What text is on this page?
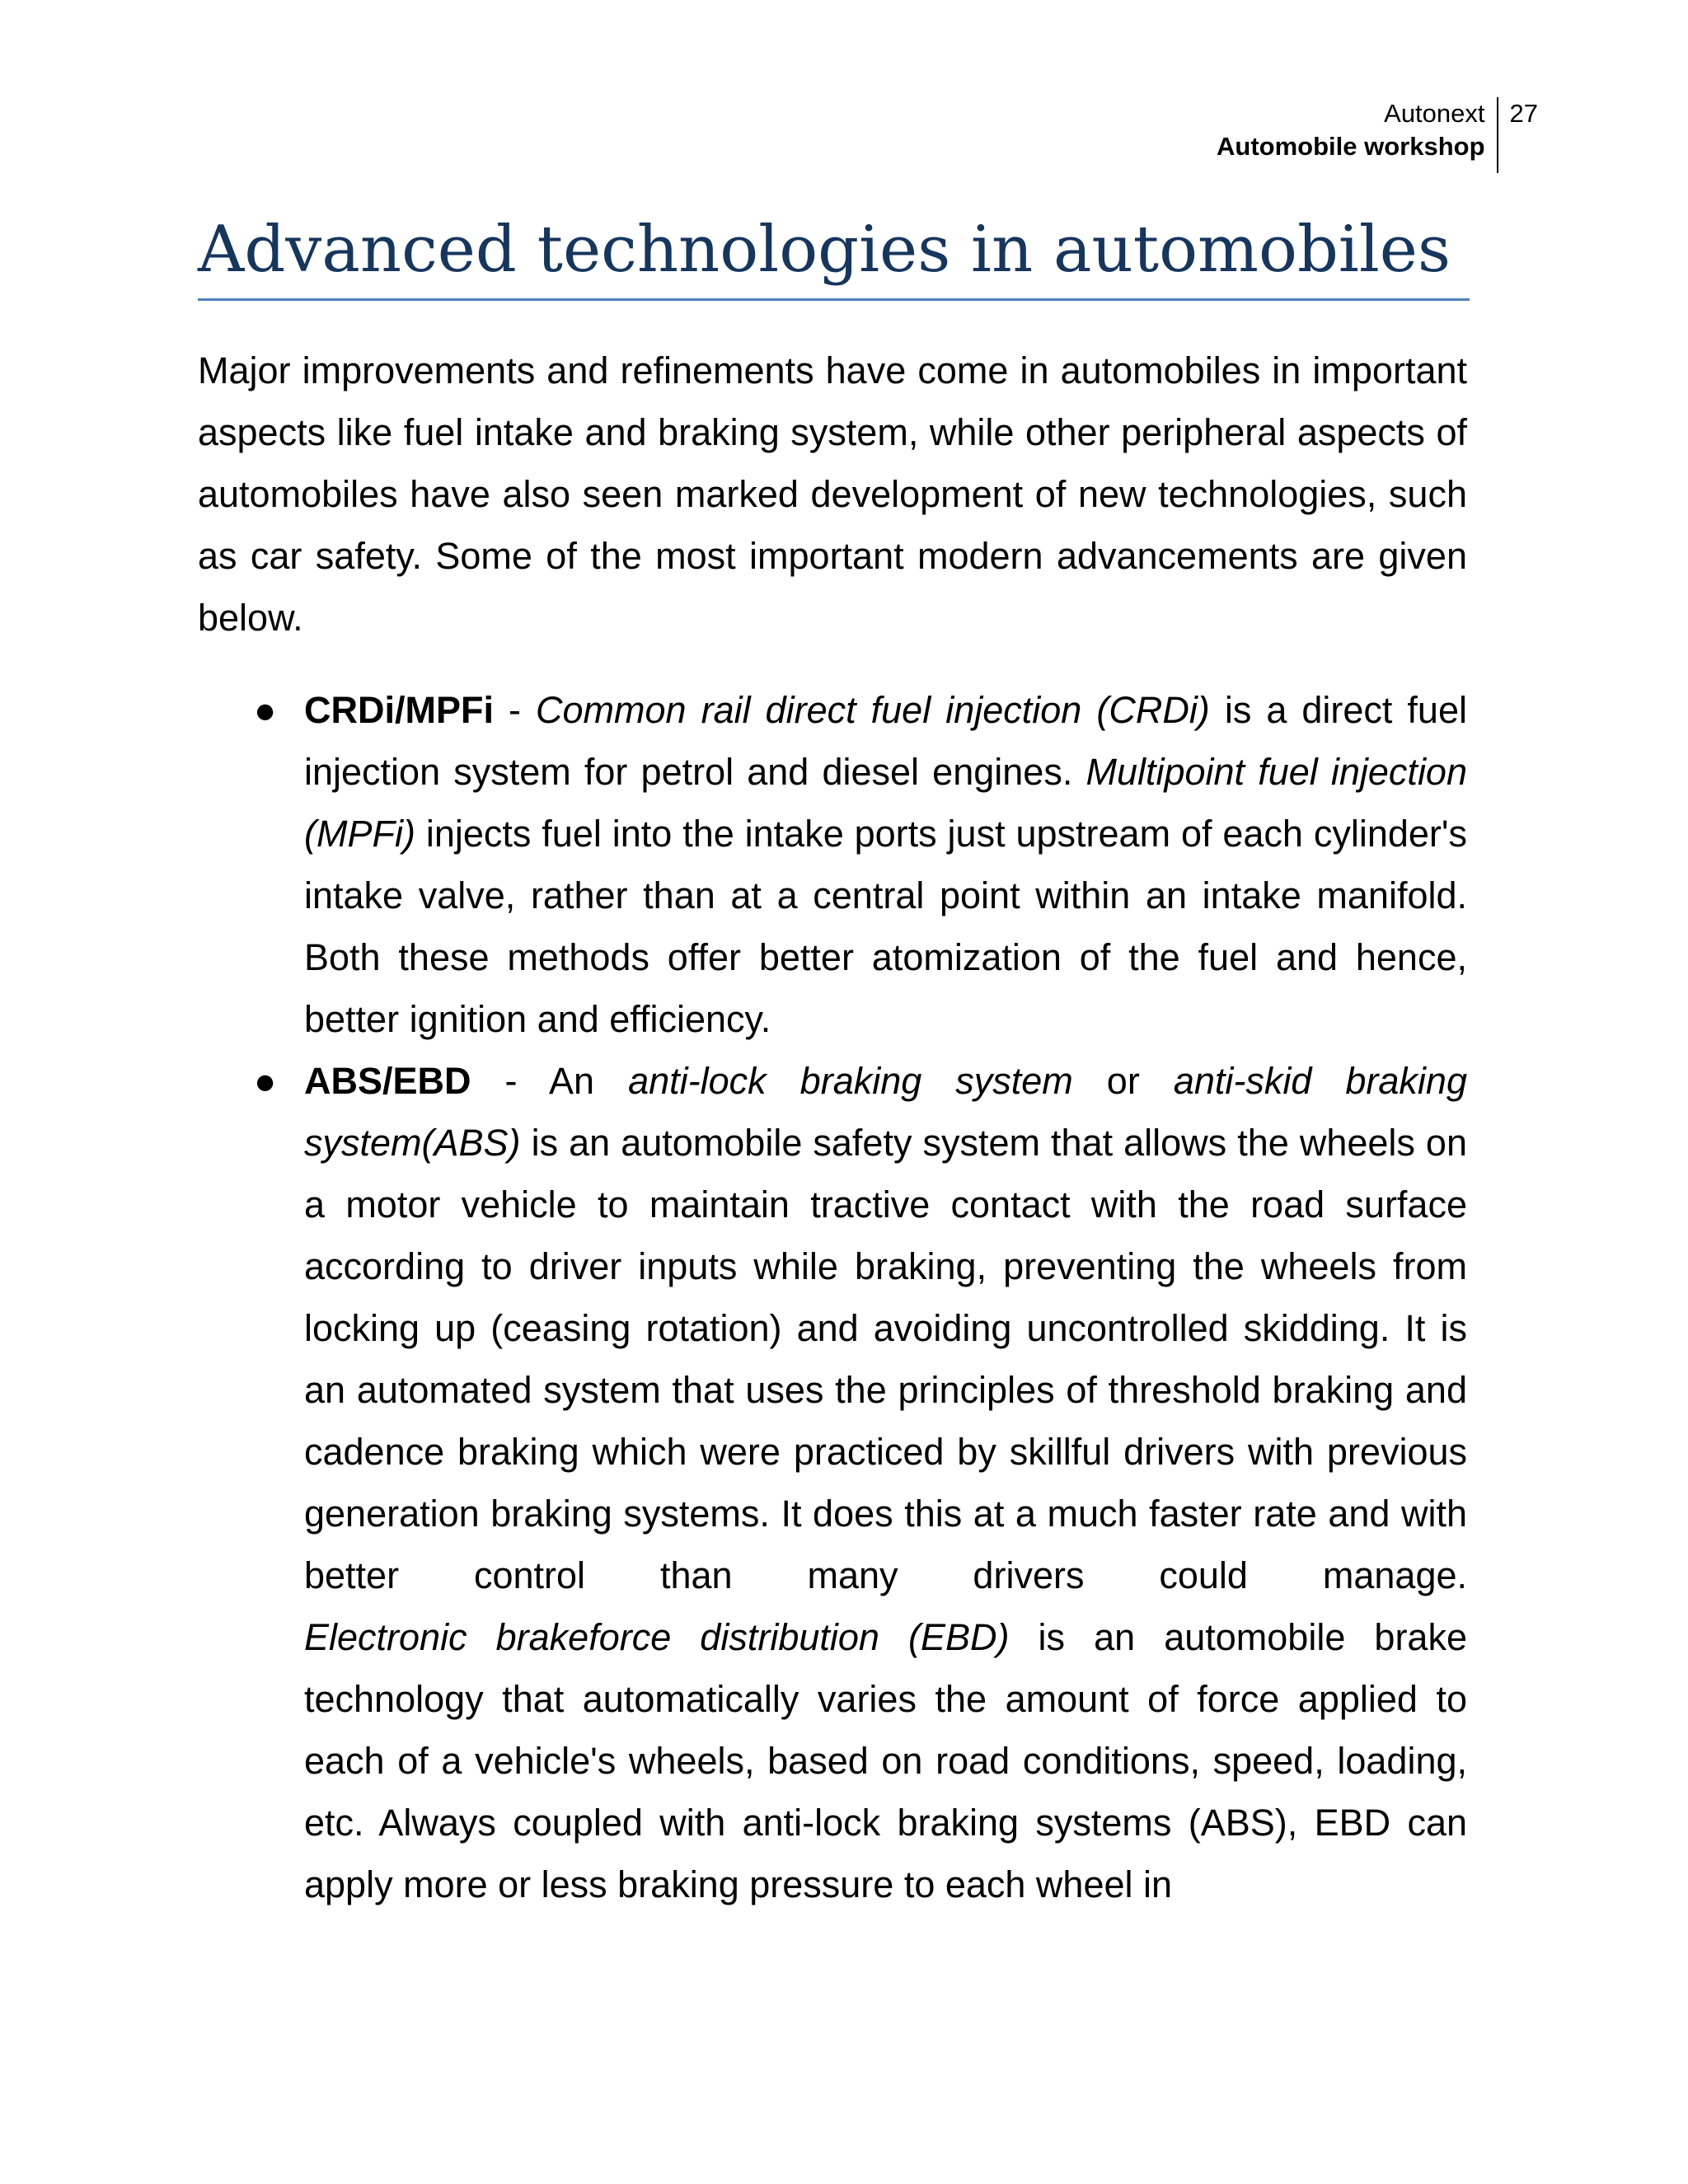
Autonext
Automobile workshop
27
Advanced technologies in automobiles

Major improvements and refinements have come in automobiles in important aspects like fuel intake and braking system, while other peripheral aspects of automobiles have also seen marked development of new technologies, such as car safety. Some of the most important modern advancements are given below.

● CRDi/MPFi - Common rail direct fuel injection (CRDi) is a direct fuel injection system for petrol and diesel engines. Multipoint fuel injection (MPFi) injects fuel into the intake ports just upstream of each cylinder's intake valve, rather than at a central point within an intake manifold. Both these methods offer better atomization of the fuel and hence, better ignition and efficiency.
● ABS/EBD - An anti-lock braking system or anti-skid braking system(ABS) is an automobile safety system that allows the wheels on a motor vehicle to maintain tractive contact with the road surface according to driver inputs while braking, preventing the wheels from locking up (ceasing rotation) and avoiding uncontrolled skidding. It is an automated system that uses the principles of threshold braking and cadence braking which were practiced by skillful drivers with previous generation braking systems. It does this at a much faster rate and with better control than many drivers could manage.
Electronic brakeforce distribution (EBD) is an automobile brake technology that automatically varies the amount of force applied to each of a vehicle's wheels, based on road conditions, speed, loading, etc. Always coupled with anti-lock braking systems (ABS), EBD can apply more or less braking pressure to each wheel in
